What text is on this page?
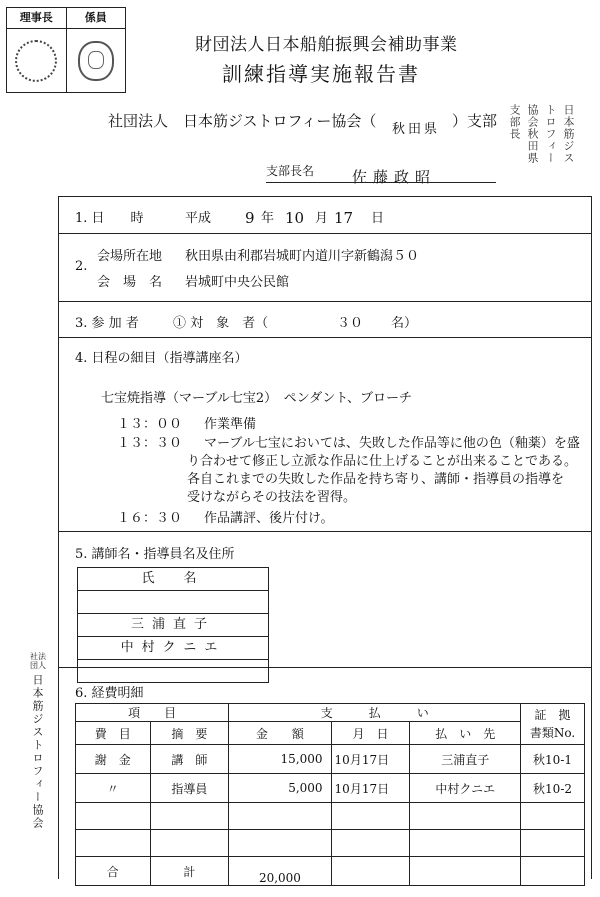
理事長	係員
財団法人日本船舶振興会補助事業
訓練指導実施報告書
社団法人　日本筋ジストロフィー協会（ 秋田県 ）支部 支部長 協会秋田県 トロフィー 日本筋ジス
支部長名	佐藤政昭
1. 日　　時	平成 9 年 10 月 17 日
2.
会場所在地 秋田県由利郡岩城町内道川字新鶴潟５０
会　場　名 岩城町中央公民館
3. 参 加 者	① 対　象　者（	３０ 名）
4. 日程の細目（指導講座名）
七宝焼指導（マーブル七宝2）　ペンダント、ブローチ
１３：００ 作業準備
１３：３０ マーブル七宝においては、失敗した作品等に他の色（釉薬）を盛
り合わせて修正し立派な作品に仕上げることが出来ることである。
各自これまでの失敗した作品を持ち寄り、講師・指導員の指導を
受けながらその技法を習得。
１６：３０ 作品講評、後片付け。
5. 講師名・指導員名及住所
氏　名
三浦直子
中村クニエ
6. 経費明細
項　　目		支　　　払　　　い			証　拠
書類No.
費　目	摘　要	金　　額	月　日	払　い　先	
謝　金	講　師	15,000	10月17日	三浦直子	秋10-1
〃	指導員	5,000	10月17日	中村クニエ	秋10-2

合	計	20,000			
社法団人
日本筋ジストロフィー協会
